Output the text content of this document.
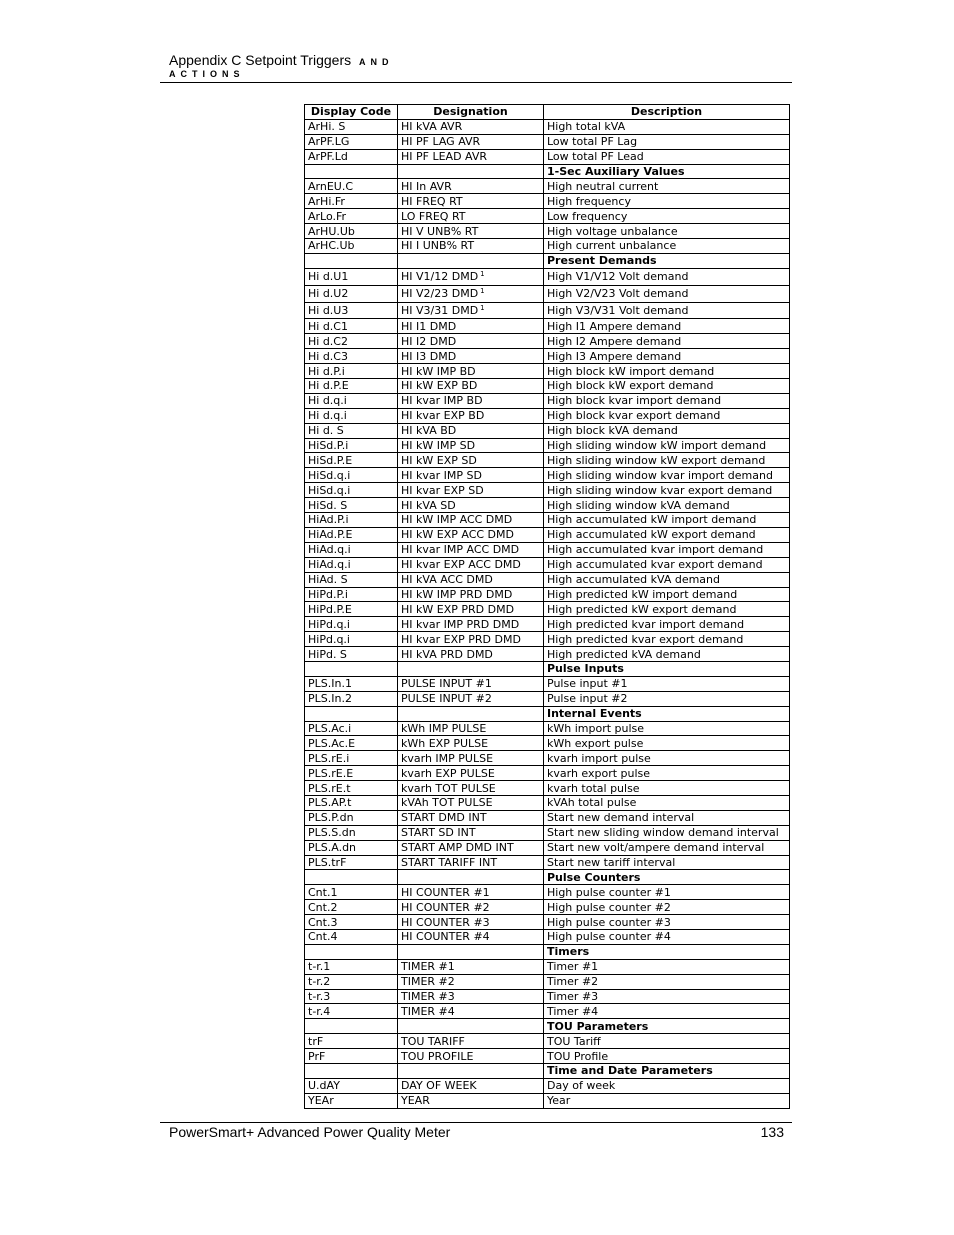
Appendix C Setpoint Triggers AND
ACTIONS
Display Code	Designation	Description
ArHi. S	HI kVA AVR	High total kVA
ArPF.LG	HI PF LAG AVR	Low total PF Lag
ArPF.Ld	HI PF LEAD AVR	Low total PF Lead
		1-Sec Auxiliary Values
ArnEU.C	HI In AVR	High neutral current
ArHi.Fr	HI FREQ RT	High frequency
ArLo.Fr	LO FREQ RT	Low frequency
ArHU.Ub	HI V UNB% RT	High voltage unbalance
ArHC.Ub	HI I UNB% RT	High current unbalance
		Present Demands
Hi d.U1	HI V1/12 DMD $^1$	High V1/V12 Volt demand
Hi d.U2	HI V2/23 DMD $^1$	High V2/V23 Volt demand
Hi d.U3	HI V3/31 DMD $^1$	High V3/V31 Volt demand
Hi d.C1	HI I1 DMD	High I1 Ampere demand
Hi d.C2	HI I2 DMD	High I2 Ampere demand
Hi d.C3	HI I3 DMD	High I3 Ampere demand
Hi d.P.i	HI kW IMP BD	High block kW import demand
Hi d.P.E	HI kW EXP BD	High block kW export demand
Hi d.q.i	HI kvar IMP BD	High block kvar import demand
Hi d.q.i	HI kvar EXP BD	High block kvar export demand
Hi d. S	HI kVA BD	High block kVA demand
HiSd.P.i	HI kW IMP SD	High sliding window kW import demand
HiSd.P.E	HI kW EXP SD	High sliding window kW export demand
HiSd.q.i	HI kvar IMP SD	High sliding window kvar import demand
HiSd.q.i	HI kvar EXP SD	High sliding window kvar export demand
HiSd. S	HI kVA SD	High sliding window kVA demand
HiAd.P.i	HI kW IMP ACC DMD	High accumulated kW import demand
HiAd.P.E	HI kW EXP ACC DMD	High accumulated kW export demand
HiAd.q.i	HI kvar IMP ACC DMD	High accumulated kvar import demand
HiAd.q.i	HI kvar EXP ACC DMD	High accumulated kvar export demand
HiAd. S	HI kVA ACC DMD	High accumulated kVA demand
HiPd.P.i	HI kW IMP PRD DMD	High predicted kW import demand
HiPd.P.E	HI kW EXP PRD DMD	High predicted kW export demand
HiPd.q.i	HI kvar IMP PRD DMD	High predicted kvar import demand
HiPd.q.i	HI kvar EXP PRD DMD	High predicted kvar export demand
HiPd. S	HI kVA PRD DMD	High predicted kVA demand
		Pulse Inputs
PLS.In.1	PULSE INPUT #1	Pulse input #1
PLS.In.2	PULSE INPUT #2	Pulse input #2
		Internal Events
PLS.Ac.i	kWh IMP PULSE	kWh import pulse
PLS.Ac.E	kWh EXP PULSE	kWh export pulse
PLS.rE.i	kvarh IMP PULSE	kvarh import pulse
PLS.rE.E	kvarh EXP PULSE	kvarh export pulse
PLS.rE.t	kvarh TOT PULSE	kvarh total pulse
PLS.AP.t	kVAh TOT PULSE	kVAh total pulse
PLS.P.dn	START DMD INT	Start new demand interval
PLS.S.dn	START SD INT	Start new sliding window demand interval
PLS.A.dn	START AMP DMD INT	Start new volt/ampere demand interval
PLS.trF	START TARIFF INT	Start new tariff interval
		Pulse Counters
Cnt.1	HI COUNTER #1	High pulse counter #1
Cnt.2	HI COUNTER #2	High pulse counter #2
Cnt.3	HI COUNTER #3	High pulse counter #3
Cnt.4	HI COUNTER #4	High pulse counter #4
		Timers
t-r.1	TIMER #1	Timer #1
t-r.2	TIMER #2	Timer #2
t-r.3	TIMER #3	Timer #3
t-r.4	TIMER #4	Timer #4
		TOU Parameters
trF	TOU TARIFF	TOU Tariff
PrF	TOU PROFILE	TOU Profile
		Time and Date Parameters
U.dAY	DAY OF WEEK	Day of week
YEAr	YEAR	Year
PowerSmart+ Advanced Power Quality Meter	133
